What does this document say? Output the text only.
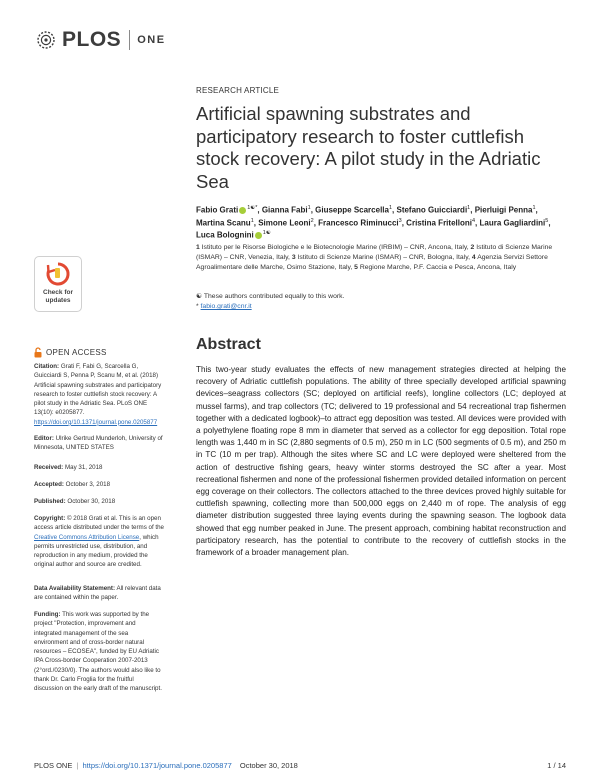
PLOS ONE
RESEARCH ARTICLE
Artificial spawning substrates and participatory research to foster cuttlefish stock recovery: A pilot study in the Adriatic Sea
Fabio Grati $^{1☯*}$, Gianna Fabi$^1$, Giuseppe Scarcella$^1$, Stefano Guicciardi$^1$, Pierluigi Penna$^1$, Martina Scanu$^1$, Simone Leoni$^2$, Francesco Riminucci$^3$, Cristina Fritelloni$^4$, Laura Gagliardini$^5$, Luca Bolognini $^{1☯}$
1 Istituto per le Risorse Biologiche e le Biotecnologie Marine (IRBIM) – CNR, Ancona, Italy, 2 Istituto di Scienze Marine (ISMAR) – CNR, Venezia, Italy, 3 Istituto di Scienze Marine (ISMAR) – CNR, Bologna, Italy, 4 Agenzia Servizi Settore Agroalimentare delle Marche, Osimo Stazione, Italy, 5 Regione Marche, P.F. Caccia e Pesca, Ancona, Italy
☯ These authors contributed equally to this work.
* fabio.grati@cnr.it
Abstract

This two-year study evaluates the effects of new management strategies directed at helping the recovery of Adriatic cuttlefish populations. The ability of three specially developed artificial spawning devices–seagrass collectors (SC; deployed on artificial reefs), longline collectors (LC; deployed at mussel farms), and trap collectors (TC; delivered to 19 professional and 54 recreational trap fishermen together with a dedicated logbook)–to attract egg deposition was tested. All devices were provided with a polyethylene floating rope 8 mm in diameter that served as a collector for egg deposition. Total rope length was 1,440 m in SC (2,880 segments of 0.5 m), 250 m in LC (500 segments of 0.5 m), and 250 m in TC (10 m per trap). Although the sites where SC and LC were deployed were sheltered from the action of destructive fishing gears, heavy winter storms destroyed the SC after a year. Most recreational fishermen and none of the professional fishermen provided detailed information on percent egg coverage on their collectors. The collectors attached to the three devices proved highly suitable for cuttlefish spawning, collecting more than 500,000 eggs on 2,440 m of rope. The analysis of egg diameter distribution suggested three laying events during the spawning season. The logbook data showed that egg number peaked in June. The present approach, combining habitat reconstruction and participatory research, has the potential to contribute to the recovery of cuttlefish stocks in the framework of a broader management plan.

Check for
updates
OPEN ACCESS
Citation: Grati F, Fabi G, Scarcella G, Guicciardi S, Penna P, Scanu M, et al. (2018) Artificial spawning substrates and participatory research to foster cuttlefish stock recovery: A pilot study in the Adriatic Sea. PLoS ONE 13(10): e0205877. https://doi.org/10.1371/journal.pone.0205877
Editor: Ulrike Gertrud Munderloh, University of Minnesota, UNITED STATES
Received: May 31, 2018
Accepted: October 3, 2018
Published: October 30, 2018
Copyright: © 2018 Grati et al. This is an open access article distributed under the terms of the Creative Commons Attribution License, which permits unrestricted use, distribution, and reproduction in any medium, provided the original author and source are credited.
Data Availability Statement: All relevant data are contained within the paper.
Funding: This work was supported by the project "Protection, improvement and integrated management of the sea environment and of cross-border natural resources – ECOSEA", funded by EU Adriatic IPA Cross-border Cooperation 2007-2013 (2°ord./0230/0). The authors would also like to thank Dr. Carlo Froglia for the fruitful discussion on the early draft of the manuscript.
PLOS ONE | https://doi.org/10.1371/journal.pone.0205877 October 30, 2018	1 / 14
